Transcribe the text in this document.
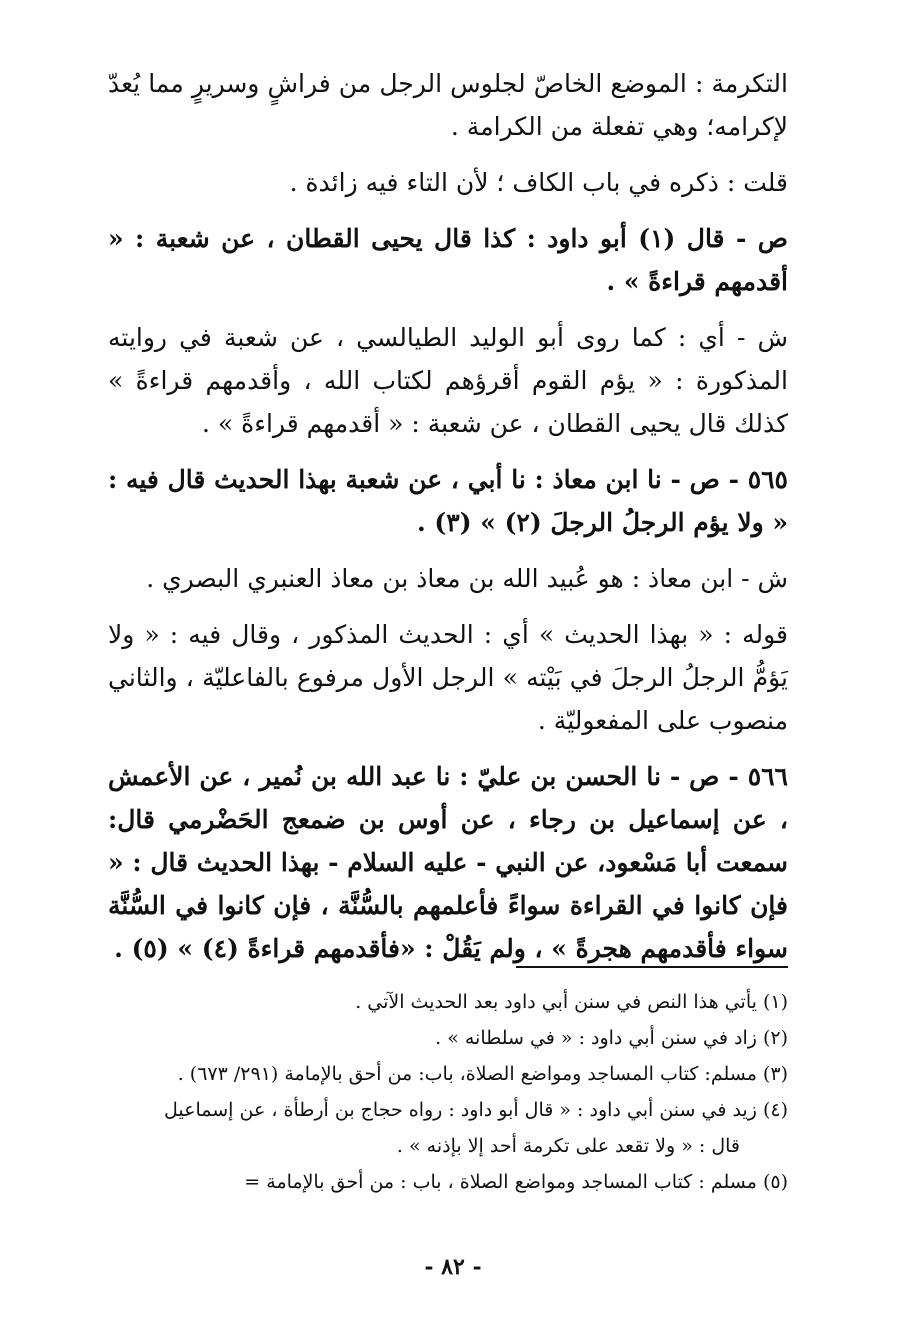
التكرمة : الموضع الخاصّ لجلوس الرجل من فراشٍ وسريرٍ مما يُعدّ لإكرامه؛ وهي تفعلة من الكرامة .

قلت : ذكره في باب الكاف ؛ لأن التاء فيه زائدة .

ص - قال (١) أبو داود : كذا قال يحيى القطان ، عن شعبة : « أقدمهم قراءةً » .

ش - أي : كما روى أبو الوليد الطيالسي ، عن شعبة في روايته المذكورة : « يؤم القوم أقرؤهم لكتاب الله ، وأقدمهم قراءةً » كذلك قال يحيى القطان ، عن شعبة : « أقدمهم قراءةً » .

٥٦٥ - ص - نا ابن معاذ : نا أبي ، عن شعبة بهذا الحديث قال فيه : « ولا يؤم الرجلُ الرجلَ (٢) » (٣) .

ش - ابن معاذ : هو عُبيد الله بن معاذ بن معاذ العنبري البصري .

قوله : « بهذا الحديث » أي : الحديث المذكور ، وقال فيه : « ولا يَؤمُّ الرجلُ الرجلَ في بَيْته » الرجل الأول مرفوع بالفاعليّة ، والثاني منصوب على المفعوليّة .

٥٦٦ - ص - نا الحسن بن عليّ : نا عبد الله بن نُمير ، عن الأعمش ، عن إسماعيل بن رجاء ، عن أوس بن ضمعج الحَضْرمي قال: سمعت أبا مَسْعود، عن النبي - عليه السلام - بهذا الحديث قال : « فإن كانوا في القراءة سواءً فأعلمهم بالسُّنَّة ، فإن كانوا في السُّنَّة سواء فأقدمهم هجرةً » ، ولم يَقُلْ : «فأقدمهم قراءةً (٤) » (٥) .

(١) يأتي هذا النص في سنن أبي داود بعد الحديث الآتي .

(٢) زاد في سنن أبي داود : « في سلطانه » .

(٣) مسلم: كتاب المساجد ومواضع الصلاة، باب: من أحق بالإمامة (٢٩١/ ٦٧٣) .

(٤) زيد في سنن أبي داود : « قال أبو داود : رواه حجاج بن أرطأة ، عن إسماعيل

قال : « ولا تقعد على تكرمة أحد إلا بإذنه » .

(٥) مسلم : كتاب المساجد ومواضع الصلاة ، باب : من أحق بالإمامة =

- ٨٢ -
